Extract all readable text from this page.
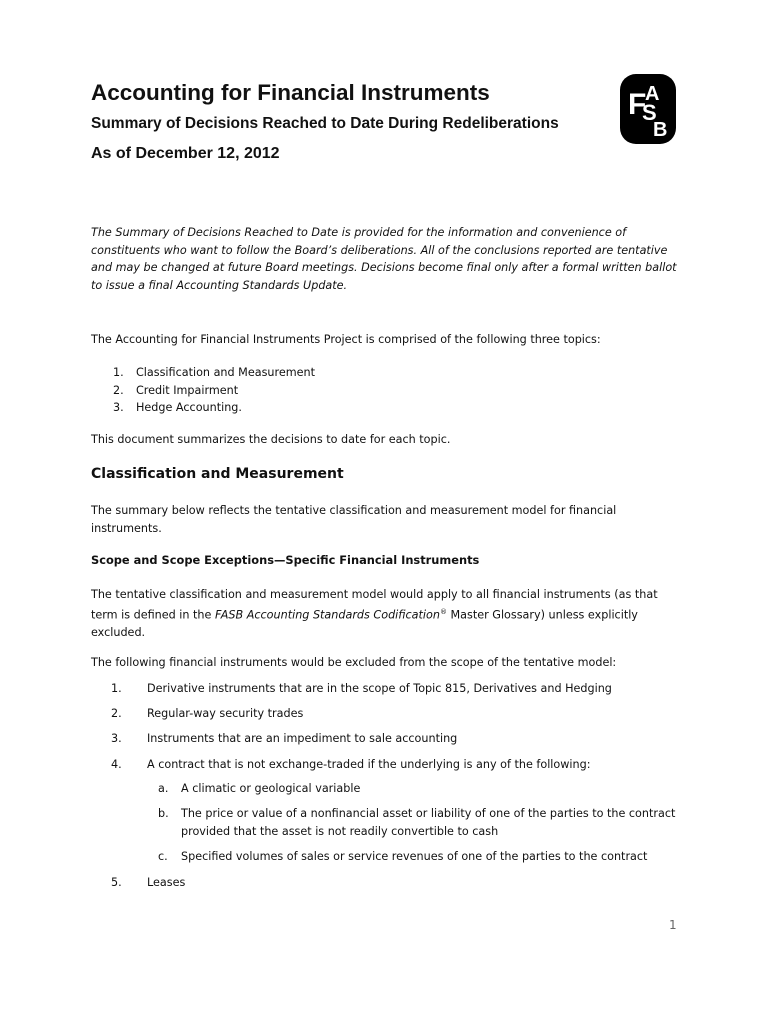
Accounting for Financial Instruments
Summary of Decisions Reached to Date During Redeliberations
As of December 12, 2012
F
A
S
B
The Summary of Decisions Reached to Date is provided for the information and convenience of constituents who want to follow the Board’s deliberations. All of the conclusions reported are tentative and may be changed at future Board meetings. Decisions become final only after a formal written ballot to issue a final Accounting Standards Update.
The Accounting for Financial Instruments Project is comprised of the following three topics:
1. Classification and Measurement
2. Credit Impairment
3. Hedge Accounting.
This document summarizes the decisions to date for each topic.
Classification and Measurement
The summary below reflects the tentative classification and measurement model for financial instruments.
Scope and Scope Exceptions—Specific Financial Instruments
The tentative classification and measurement model would apply to all financial instruments (as that term is defined in the FASB Accounting Standards Codification® Master Glossary) unless explicitly excluded.
The following financial instruments would be excluded from the scope of the tentative model:
1. Derivative instruments that are in the scope of Topic 815, Derivatives and Hedging
2. Regular-way security trades
3. Instruments that are an impediment to sale accounting
4. A contract that is not exchange-traded if the underlying is any of the following:
a. A climatic or geological variable
b. The price or value of a nonfinancial asset or liability of one of the parties to the contract provided that the asset is not readily convertible to cash
c. Specified volumes of sales or service revenues of one of the parties to the contract
5. Leases
1
